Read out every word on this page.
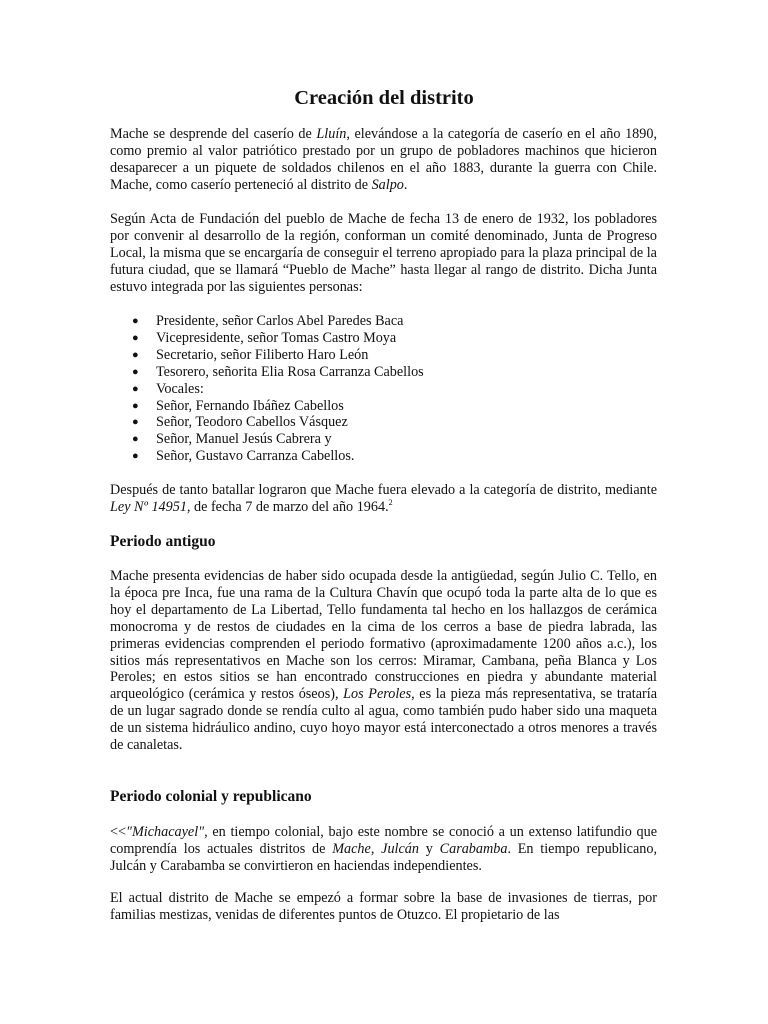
Creación del distrito

Mache se desprende del caserío de Lluín, elevándose a la categoría de caserío en el año 1890, como premio al valor patriótico prestado por un grupo de pobladores machinos que hicieron desaparecer a un piquete de soldados chilenos en el año 1883, durante la guerra con Chile. Mache, como caserío perteneció al distrito de Salpo.

Según Acta de Fundación del pueblo de Mache de fecha 13 de enero de 1932, los pobladores por convenir al desarrollo de la región, conforman un comité denominado, Junta de Progreso Local, la misma que se encargaría de conseguir el terreno apropiado para la plaza principal de la futura ciudad, que se llamará “Pueblo de Mache” hasta llegar al rango de distrito. Dicha Junta estuvo integrada por las siguientes personas:

● Presidente, señor Carlos Abel Paredes Baca
● Vicepresidente, señor Tomas Castro Moya
● Secretario, señor Filiberto Haro León
● Tesorero, señorita Elia Rosa Carranza Cabellos
● Vocales:
● Señor, Fernando Ibáñez Cabellos
● Señor, Teodoro Cabellos Vásquez
● Señor, Manuel Jesús Cabrera y
● Señor, Gustavo Carranza Cabellos.

Después de tanto batallar lograron que Mache fuera elevado a la categoría de distrito, mediante Ley Nº 14951, de fecha 7 de marzo del año 1964.$^2$

Periodo antiguo

Mache presenta evidencias de haber sido ocupada desde la antigüedad, según Julio C. Tello, en la época pre Inca, fue una rama de la Cultura Chavín que ocupó toda la parte alta de lo que es hoy el departamento de La Libertad, Tello fundamenta tal hecho en los hallazgos de cerámica monocroma y de restos de ciudades en la cima de los cerros a base de piedra labrada, las primeras evidencias comprenden el periodo formativo (aproximadamente 1200 años a.c.), los sitios más representativos en Mache son los cerros: Miramar, Cambana, peña Blanca y Los Peroles; en estos sitios se han encontrado construcciones en piedra y abundante material arqueológico (cerámica y restos óseos), Los Peroles, es la pieza más representativa, se trataría de un lugar sagrado donde se rendía culto al agua, como también pudo haber sido una maqueta de un sistema hidráulico andino, cuyo hoyo mayor está interconectado a otros menores a través de canaletas.

Periodo colonial y republicano

<<"Michacayel", en tiempo colonial, bajo este nombre se conoció a un extenso latifundio que comprendía los actuales distritos de Mache, Julcán y Carabamba. En tiempo republicano, Julcán y Carabamba se convirtieron en haciendas independientes.

El actual distrito de Mache se empezó a formar sobre la base de invasiones de tierras, por familias mestizas, venidas de diferentes puntos de Otuzco. El propietario de las
